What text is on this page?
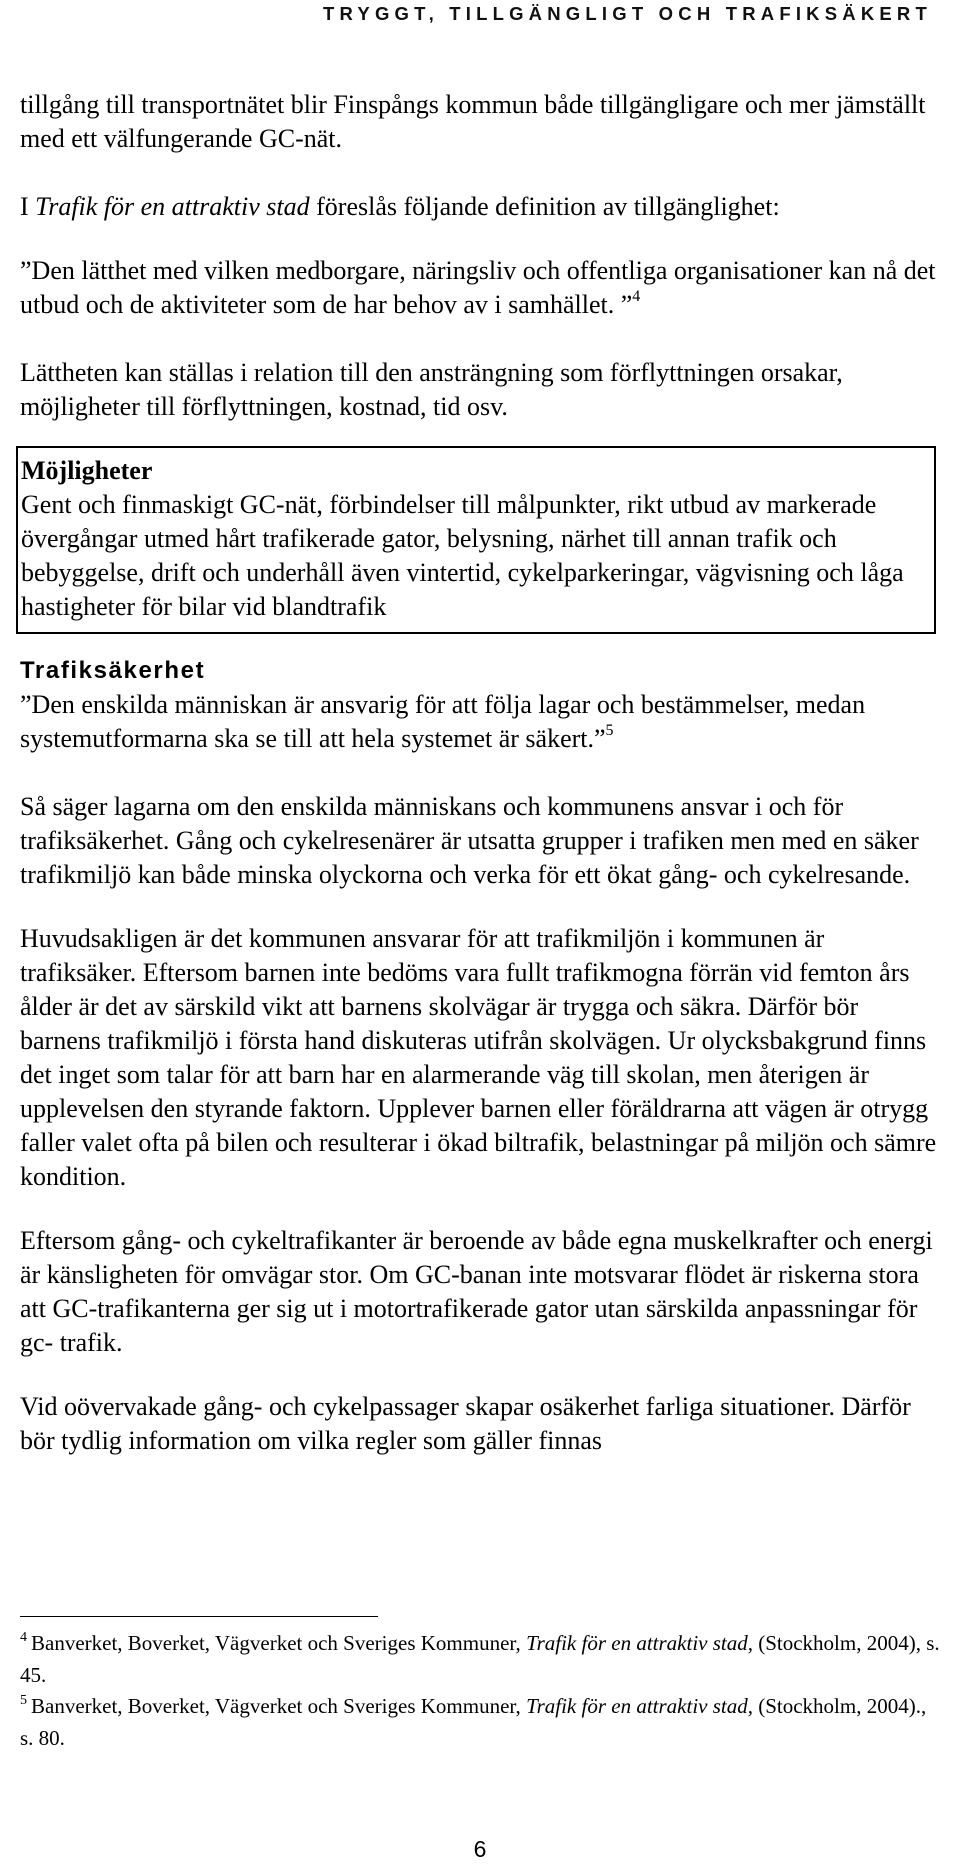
TRYGGT, TILLGÄNGLIGT OCH TRAFIKSÄKERT

tillgång till transportnätet blir Finspångs kommun både tillgängligare och mer jämställt med ett välfungerande GC-nät.

I Trafik för en attraktiv stad föreslås följande definition av tillgänglighet:

”Den lätthet med vilken medborgare, näringsliv och offentliga organisationer kan nå det utbud och de aktiviteter som de har behov av i samhället. ”$^4$

Lättheten kan ställas i relation till den ansträngning som förflyttningen orsakar, möjligheter till förflyttningen, kostnad, tid osv.

Möjligheter
Gent och finmaskigt GC-nät, förbindelser till målpunkter, rikt utbud av markerade övergångar utmed hårt trafikerade gator, belysning, närhet till annan trafik och bebyggelse, drift och underhåll även vintertid, cykelparkeringar, vägvisning och låga hastigheter för bilar vid blandtrafik
Trafiksäkerhet

”Den enskilda människan är ansvarig för att följa lagar och bestämmelser, medan systemutformarna ska se till att hela systemet är säkert.”$^5$

Så säger lagarna om den enskilda människans och kommunens ansvar i och för trafiksäkerhet. Gång och cykelresenärer är utsatta grupper i trafiken men med en säker trafikmiljö kan både minska olyckorna och verka för ett ökat gång- och cykelresande.

Huvudsakligen är det kommunen ansvarar för att trafikmiljön i kommunen är trafiksäker. Eftersom barnen inte bedöms vara fullt trafikmogna förrän vid femton års ålder är det av särskild vikt att barnens skolvägar är trygga och säkra. Därför bör barnens trafikmiljö i första hand diskuteras utifrån skolvägen. Ur olycksbakgrund finns det inget som talar för att barn har en alarmerande väg till skolan, men återigen är upplevelsen den styrande faktorn. Upplever barnen eller föräldrarna att vägen är otrygg faller valet ofta på bilen och resulterar i ökad biltrafik, belastningar på miljön och sämre kondition.

Eftersom gång- och cykeltrafikanter är beroende av både egna muskelkrafter och energi är känsligheten för omvägar stor. Om GC-banan inte motsvarar flödet är riskerna stora att GC-trafikanterna ger sig ut i motortrafikerade gator utan särskilda anpassningar för gc- trafik.

Vid oövervakade gång- och cykelpassager skapar osäkerhet farliga situationer. Därför bör tydlig information om vilka regler som gäller finnas

$^4$ Banverket, Boverket, Vägverket och Sveriges Kommuner, Trafik för en attraktiv stad, (Stockholm, 2004), s. 45.

$^5$ Banverket, Boverket, Vägverket och Sveriges Kommuner, Trafik för en attraktiv stad, (Stockholm, 2004)., s. 80.

6
